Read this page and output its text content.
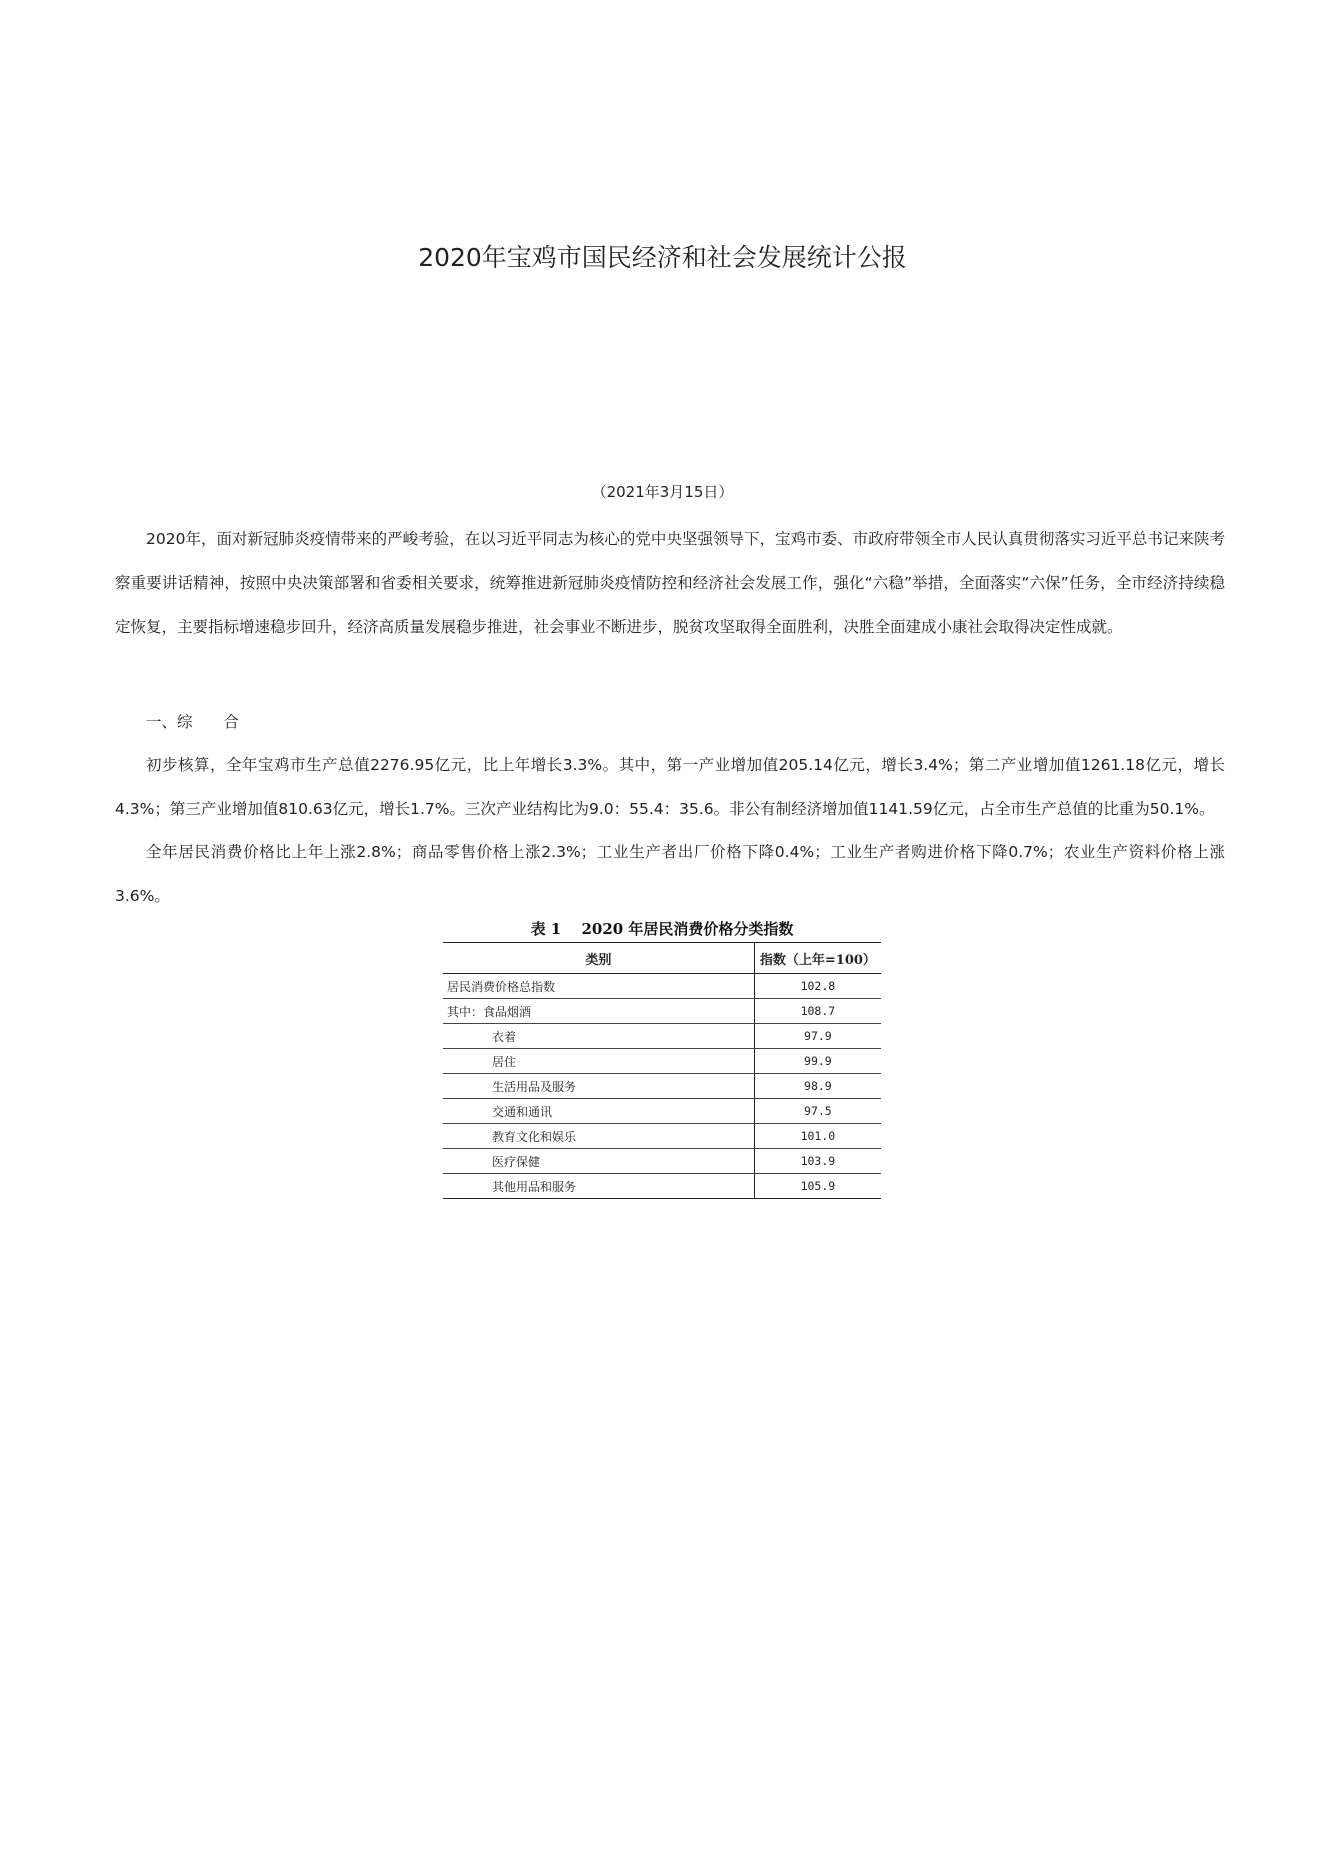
2020年宝鸡市国民经济和社会发展统计公报
（2021年3月15日）

2020年，面对新冠肺炎疫情带来的严峻考验，在以习近平同志为核心的党中央坚强领导下，宝鸡市委、市政府带领全市人民认真贯彻落实习近平总书记来陕考察重要讲话精神，按照中央决策部署和省委相关要求，统筹推进新冠肺炎疫情防控和经济社会发展工作，强化“六稳”举措，全面落实“六保”任务，全市经济持续稳定恢复，主要指标增速稳步回升，经济高质量发展稳步推进，社会事业不断进步，脱贫攻坚取得全面胜利，决胜全面建成小康社会取得决定性成就。

一、综　　合

初步核算，全年宝鸡市生产总值2276.95亿元，比上年增长3.3%。其中，第一产业增加值205.14亿元，增长3.4%；第二产业增加值1261.18亿元，增长4.3%；第三产业增加值810.63亿元，增长1.7%。三次产业结构比为9.0：55.4：35.6。非公有制经济增加值1141.59亿元，占全市生产总值的比重为50.1%。

全年居民消费价格比上年上涨2.8%；商品零售价格上涨2.3%；工业生产者出厂价格下降0.4%；工业生产者购进价格下降0.7%；农业生产资料价格上涨3.6%。

表 1　 2020 年居民消费价格分类指数
类别	指数（上年=100）
居民消费价格总指数	102.8
其中：食品烟酒	108.7
衣着	97.9
居住	99.9
生活用品及服务	98.9
交通和通讯	97.5
教育文化和娱乐	101.0
医疗保健	103.9
其他用品和服务	105.9
